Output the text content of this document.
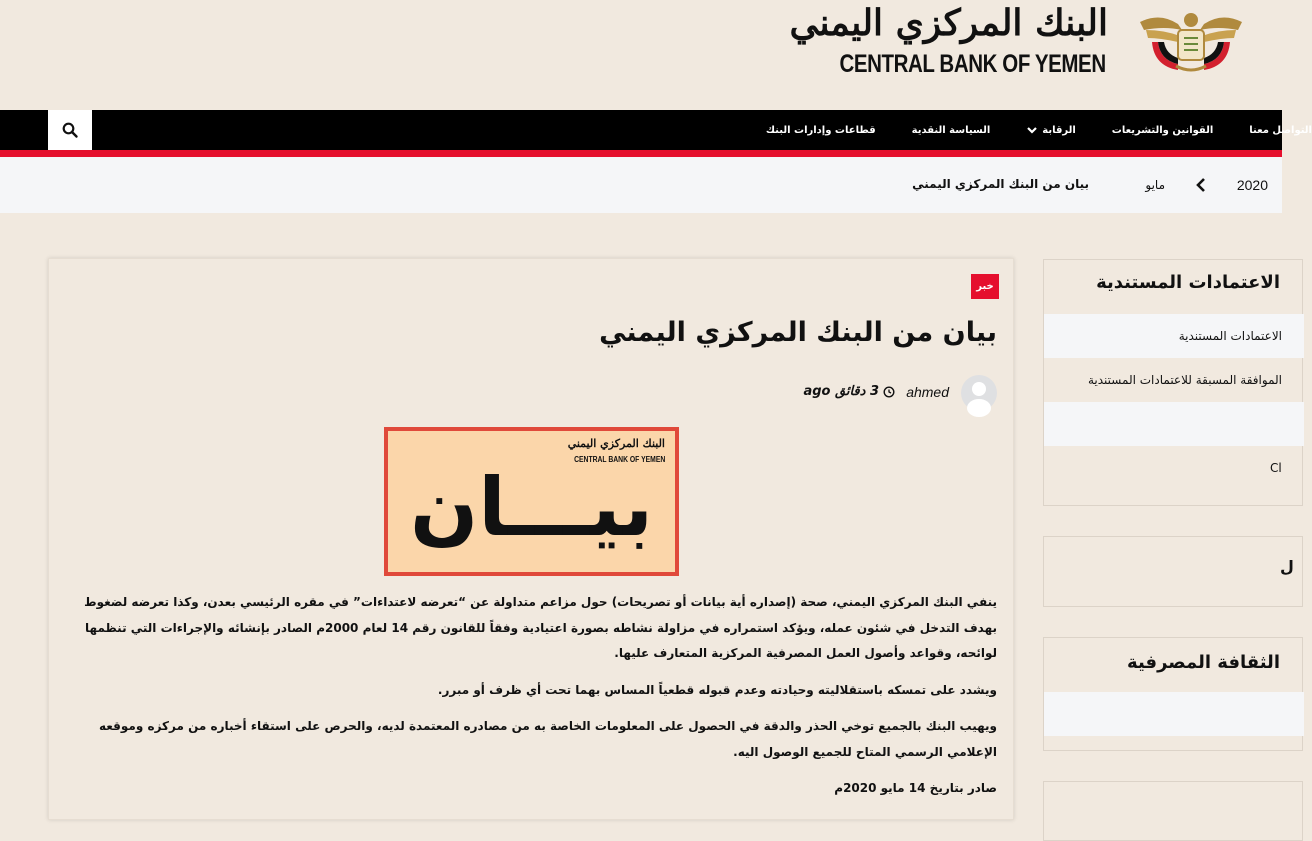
البنك المركزي اليمني
CENTRAL BANK OF YEMEN
قطاعات وإدارات البنك	السياسة النقدية	الرقابة	القوانين والتشريعات	التواصل معنا
2020
مايو
بيان من البنك المركزي اليمني
خبر
بيان من البنك المركزي اليمني
ahmed
3 دقائق ago
البنك المركزي اليمني
CENTRAL BANK OF YEMEN
بيـــان

ينفي البنك المركزي اليمني، صحة (إصداره أية بيانات أو تصريحات) حول مزاعم متداولة عن “تعرضه لاعتداءات” في مقره الرئيسي بعدن، وكذا تعرضه لضغوط بهدف التدخل في شئون عمله، ويؤكد استمراره في مزاولة نشاطه بصورة اعتيادية وفقاً للقانون رقم 14 لعام 2000م الصادر بإنشائه والإجراءات التي تنظمها لوائحه، وقواعد وأصول العمل المصرفية المركزية المتعارف عليها.

ويشدد على تمسكه باستقلاليته وحيادته وعدم قبوله قطعياً المساس بهما تحت أي ظرف أو مبرر.

ويهيب البنك بالجميع توخي الحذر والدقة في الحصول على المعلومات الخاصة به من مصادره المعتمدة لديه، والحرص على استقاء أخباره من مركزه وموقعه الإعلامي الرسمي المتاح للجميع الوصول اليه.

صادر بتاريخ 14 مايو 2020م

الاعتمادات المستندية
الاعتمادات المستندية
الموافقة المسبقة للاعتمادات المستندية
Cl
ل
الثقافة المصرفية
